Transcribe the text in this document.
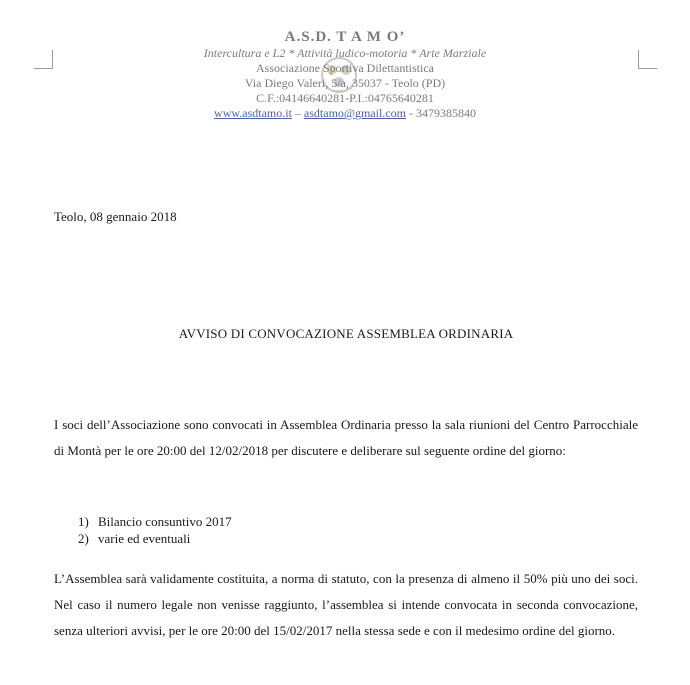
A.S.D. T A M O’
Intercultura e L2 * Attività ludico-motoria * Arte Marziale
Associazione Sportiva Dilettantistica
Via Diego Valeri, 5/a, 35037 - Teolo (PD)
C.F.:04146640281-P.I.:04765640281
www.asdtamo.it – asdtamo@gmail.com - 3479385840
Teolo, 08 gennaio 2018
AVVISO DI CONVOCAZIONE ASSEMBLEA ORDINARIA
I soci dell’Associazione sono convocati in Assemblea Ordinaria presso la sala riunioni del Centro Parrocchiale di Montà per le ore 20:00 del 12/02/2018 per discutere e deliberare sul seguente ordine del giorno:
1) Bilancio consuntivo 2017
2) varie ed eventuali
L’Assemblea sarà validamente costituita, a norma di statuto, con la presenza di almeno il 50% più uno dei soci. Nel caso il numero legale non venisse raggiunto, l’assemblea si intende convocata in seconda convocazione, senza ulteriori avvisi, per le ore 20:00 del 15/02/2017 nella stessa sede e con il medesimo ordine del giorno.
